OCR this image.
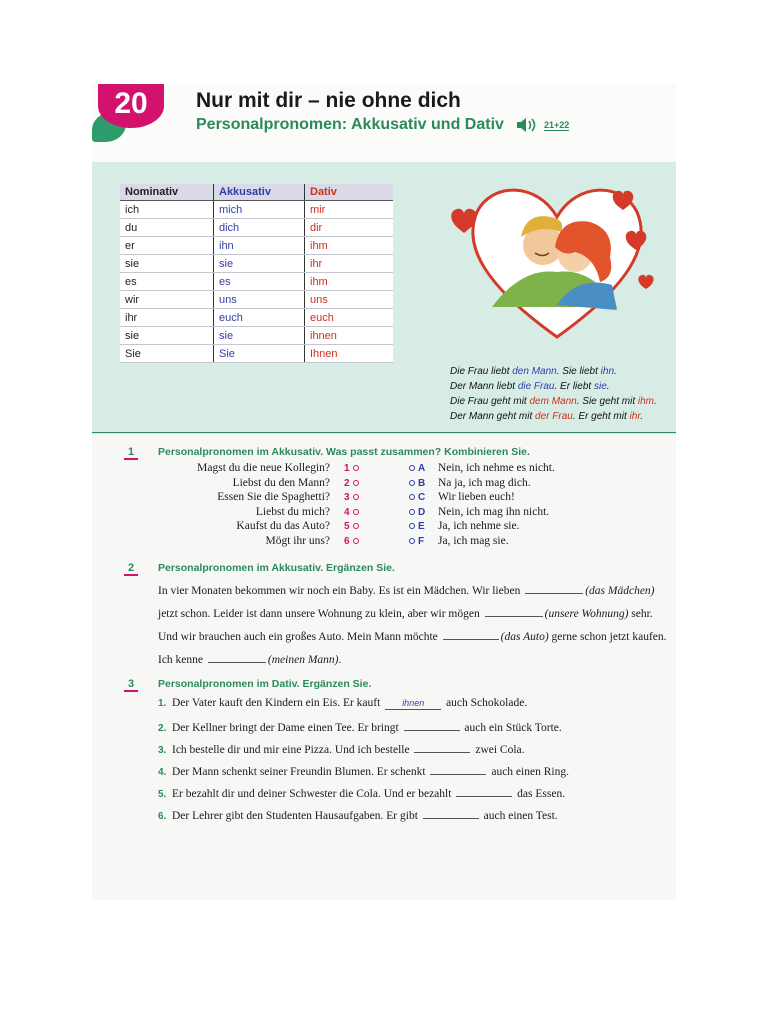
20	Nur mit dir – nie ohne dich
Personalpronomen: Akkusativ und Dativ	21+22
Nominativ	Akkusativ	Dativ
ich	mich	mir
du	dich	dir
er	ihn	ihm
sie	sie	ihr
es	es	ihm
wir	uns	uns
ihr	euch	euch
sie	sie	ihnen
Sie	Sie	Ihnen
Die Frau liebt den Mann. Sie liebt ihn.
Der Mann liebt die Frau. Er liebt sie.
Die Frau geht mit dem Mann. Sie geht mit ihm.
Der Mann geht mit der Frau. Er geht mit ihr.
1	Personalpronomen im Akkusativ. Was passt zusammen? Kombinieren Sie.
Magst du die neue Kollegin? 1	A Nein, ich nehme es nicht.
Liebst du den Mann? 2	B Na ja, ich mag dich.
Essen Sie die Spaghetti? 3	C Wir lieben euch!
Liebst du mich? 4	D Nein, ich mag ihn nicht.
Kaufst du das Auto? 5	E Ja, ich nehme sie.
Mögt ihr uns? 6	F Ja, ich mag sie.
2	Personalpronomen im Akkusativ. Ergänzen Sie.
In vier Monaten bekommen wir noch ein Baby. Es ist ein Mädchen. Wir lieben	(das Mädchen)
jetzt schon. Leider ist dann unsere Wohnung zu klein, aber wir mögen	(unsere Wohnung) sehr.
Und wir brauchen auch ein großes Auto. Mein Mann möchte	(das Auto) gerne schon jetzt kaufen.
Ich kenne	(meinen Mann).
3	Personalpronomen im Dativ. Ergänzen Sie.
1. Der Vater kauft den Kindern ein Eis. Er kauft ihnen auch Schokolade.
2. Der Kellner bringt der Dame einen Tee. Er bringt	auch ein Stück Torte.
3. Ich bestelle dir und mir eine Pizza. Und ich bestelle	zwei Cola.
4. Der Mann schenkt seiner Freundin Blumen. Er schenkt	auch einen Ring.
5. Er bezahlt dir und deiner Schwester die Cola. Und er bezahlt	das Essen.
6. Der Lehrer gibt den Studenten Hausaufgaben. Er gibt	auch einen Test.
